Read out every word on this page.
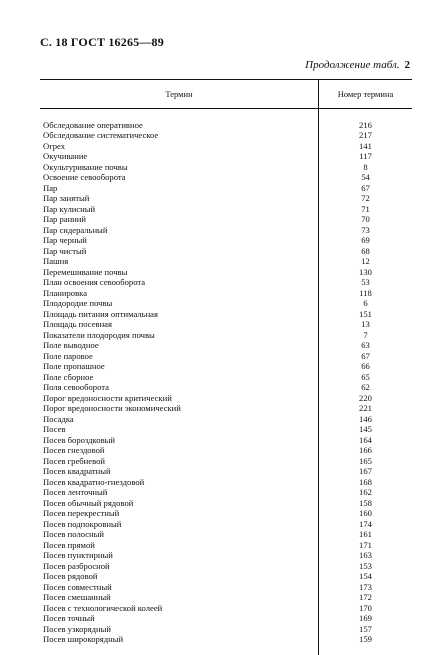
С. 18 ГОСТ 16265—89
Продолжение табл. 2
Термин	Номер термина

Обследование оперативное	216
Обследование систематическое	217
Огрех	141
Окучивание	117
Окультуривание почвы	8
Освоение севооборота	54
Пар	67
Пар занятый	72
Пар кулисный	71
Пар ранний	70
Пар сидеральный	73
Пар черный	69
Пар чистый	68
Пашня	12
Перемешивание почвы	130
План освоения севооборота	53
Планировка	118
Плодородие почвы	6
Площадь питания оптимальная	151
Площадь посевная	13
Показатели плодородия почвы	7
Поле выводное	63
Поле паровое	67
Поле пропашное	66
Поле сборное	65
Поля севооборота	62
Порог вредоносности критический	220
Порог вредоносности экономический	221
Посадка	146
Посев	145
Посев бороздковый	164
Посев гнездовой	166
Посев гребневой	165
Посев квадратный	167
Посев квадратно-гнездовой	168
Посев ленточный	162
Посев обычный рядовой	158
Посев перекрестный	160
Посев подпокровный	174
Посев полосный	161
Посев прямой	171
Посев пунктирный	163
Посев разбросной	153
Посев рядовой	154
Посев совместный	173
Посев смешанный	172
Посев с технологической колеей	170
Посев точный	169
Посев узкорядный	157
Посев широкорядный	159
